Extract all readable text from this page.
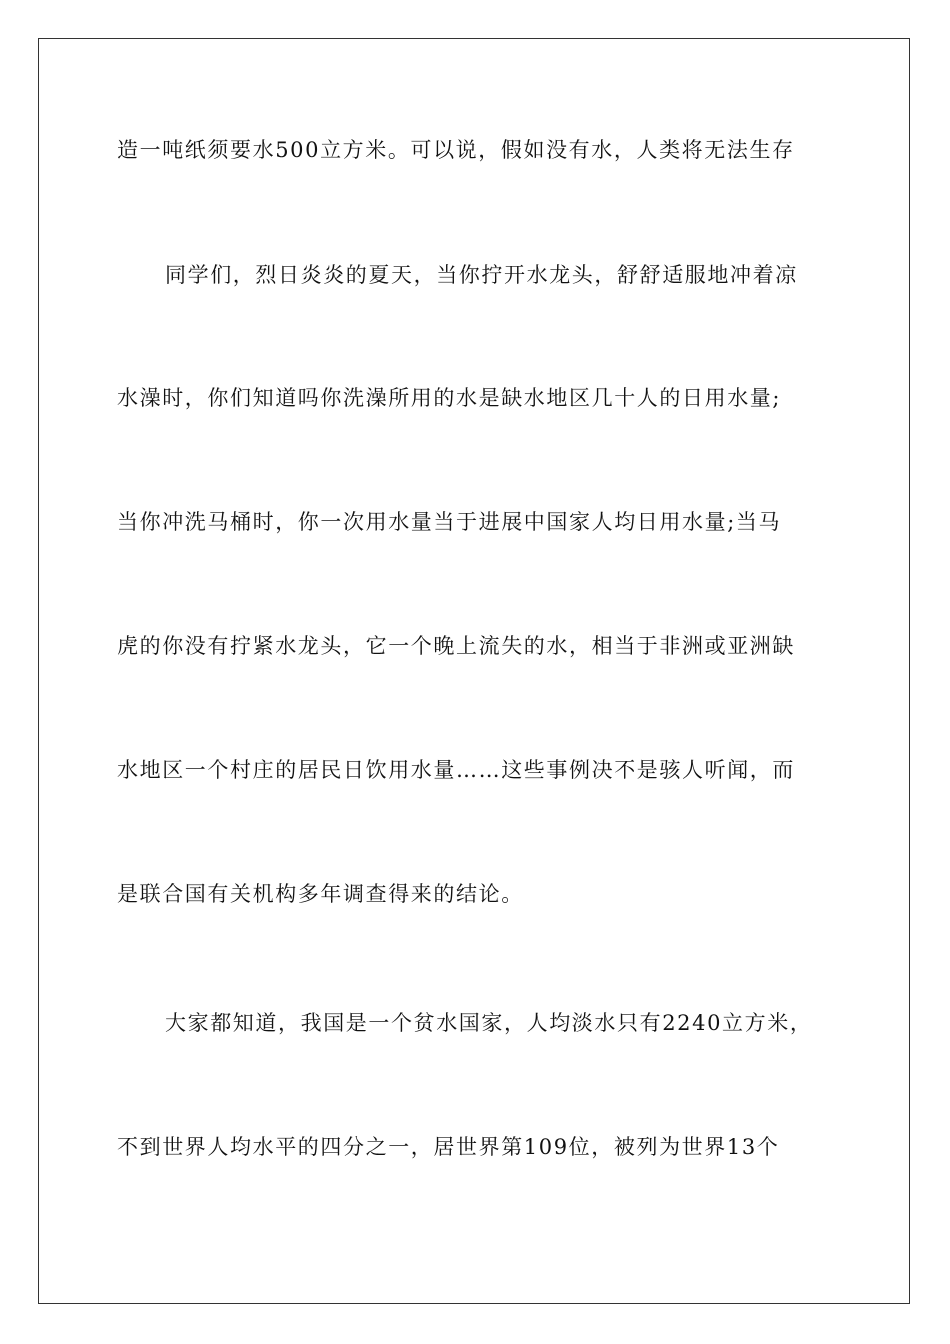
造一吨纸须要水500立方米。可以说，假如没有水，人类将无法生存
同学们，烈日炎炎的夏天，当你拧开水龙头，舒舒适服地冲着凉
水澡时，你们知道吗你洗澡所用的水是缺水地区几十人的日用水量;
当你冲洗马桶时，你一次用水量当于进展中国家人均日用水量;当马
虎的你没有拧紧水龙头，它一个晚上流失的水，相当于非洲或亚洲缺
水地区一个村庄的居民日饮用水量……这些事例决不是骇人听闻，而
是联合国有关机构多年调查得来的结论。
大家都知道，我国是一个贫水国家，人均淡水只有2240立方米，
不到世界人均水平的四分之一，居世界第109位，被列为世界13个
